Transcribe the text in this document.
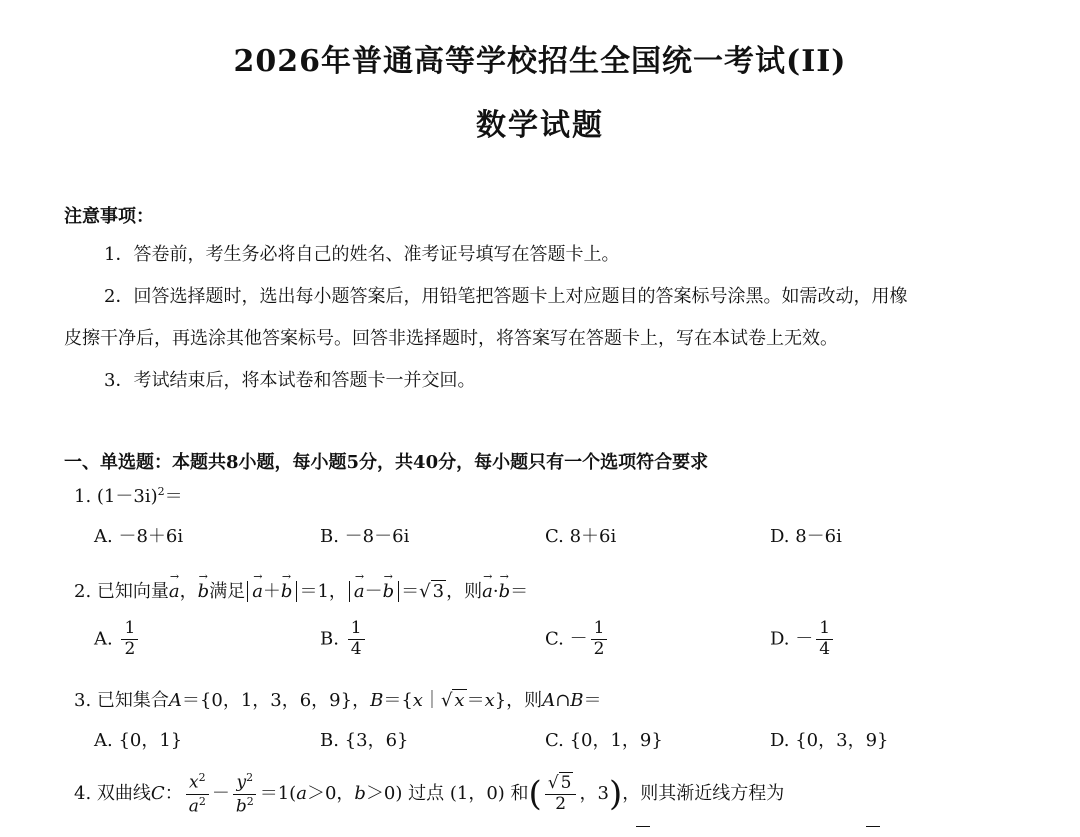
2026年普通高等学校招生全国统一考试(II)
数学试题
注意事项：
1．答卷前，考生务必将自己的姓名、准考证号填写在答题卡上。
2．回答选择题时，选出每小题答案后，用铅笔把答题卡上对应题目的答案标号涂黑。如需改动，用橡
皮擦干净后，再选涂其他答案标号。回答非选择题时，将答案写在答题卡上，写在本试卷上无效。
3．考试结束后，将本试卷和答题卡一并交回。
一、单选题：本题共8小题，每小题5分，共40分，每小题只有一个选项符合要求
1. $(1-3i)^2=$
A. －8＋6i	B. －8－6i	C. 8＋6i	D. 8－6i
2. 已知向量→ a，→ b满足 → a＋→ b ＝1， → a－→ b ＝√ 3 ，则→ a·→ b＝
A. $\frac{1}{2}$	B. $\frac{1}{4}$	C. － $\frac{1}{2}$	D. － $\frac{1}{4}$
3. 已知集合A＝{0，1，3，6，9}，B＝{x｜√ x ＝x}，则A∩B＝
A. {0，1}	B. {3，6}	C. {0，1，9}	D. {0，3，9}
4. 双曲线C： $\frac{x^2}{a^2} - \frac{y^2}{b^2} =1(a>0$，b＞0) 过点 (1，0) 和( $\frac{√ 5}{2}$ ，3)，则其渐近线方程为
